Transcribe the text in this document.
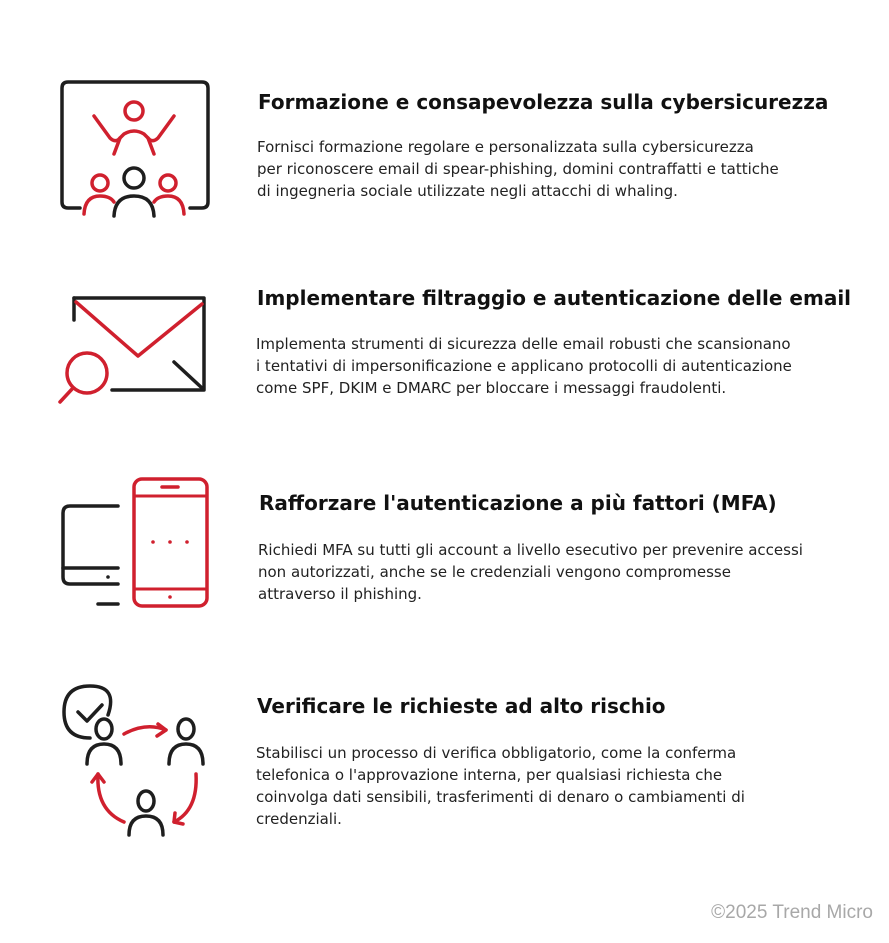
Formazione e consapevolezza sulla cybersicurezza
Fornisci formazione regolare e personalizzata sulla cybersicurezza
per riconoscere email di spear-phishing, domini contraffatti e tattiche
di ingegneria sociale utilizzate negli attacchi di whaling.
Implementare filtraggio e autenticazione delle email
Implementa strumenti di sicurezza delle email robusti che scansionano
i tentativi di impersonificazione e applicano protocolli di autenticazione
come SPF, DKIM e DMARC per bloccare i messaggi fraudolenti.
Rafforzare l'autenticazione a più fattori (MFA)
Richiedi MFA su tutti gli account a livello esecutivo per prevenire accessi
non autorizzati, anche se le credenziali vengono compromesse
attraverso il phishing.
Verificare le richieste ad alto rischio
Stabilisci un processo di verifica obbligatorio, come la conferma
telefonica o l'approvazione interna, per qualsiasi richiesta che
coinvolga dati sensibili, trasferimenti di denaro o cambiamenti di
credenziali.
©2025 Trend Micro
